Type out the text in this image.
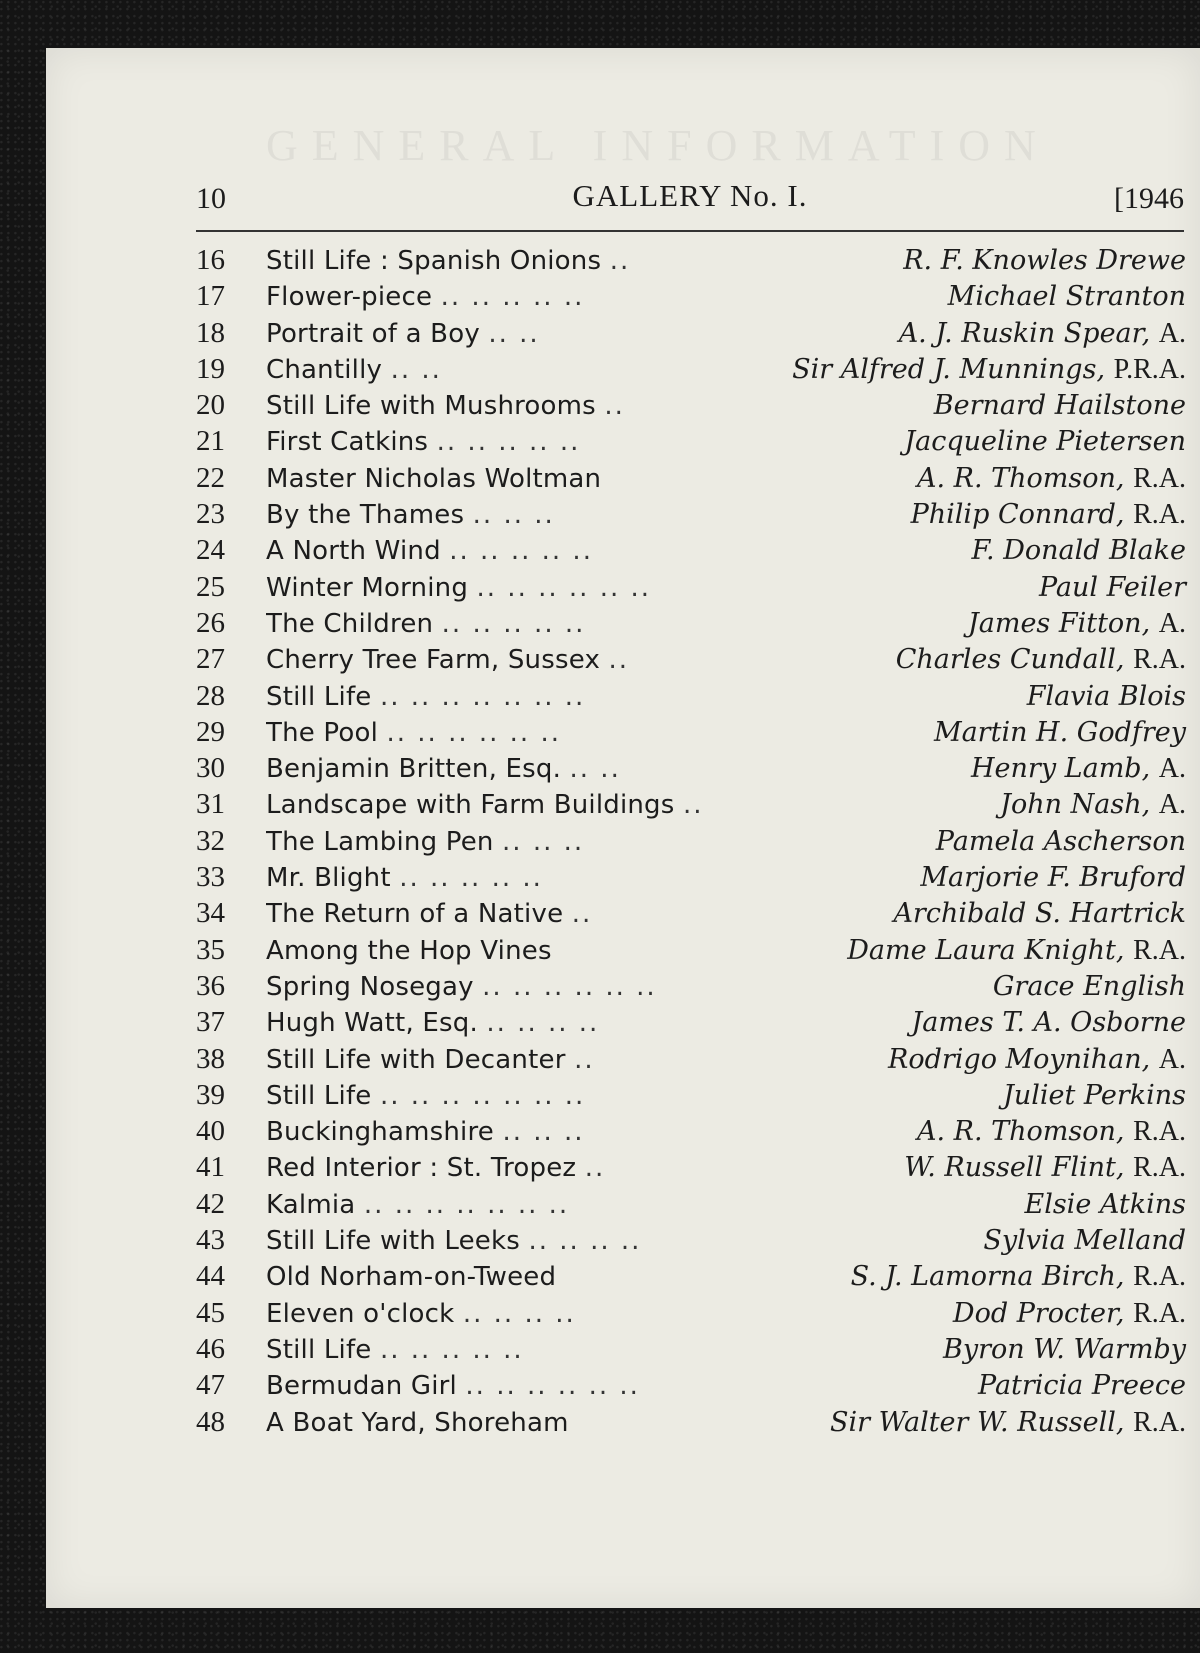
GENERAL INFORMATION
10	GALLERY No. I.	[1946
16	Still Life : Spanish Onions ..	R. F. Knowles Drewe
17	Flower-piece .. .. .. .. ..	Michael Stranton
18	Portrait of a Boy .. ..	A. J. Ruskin Spear, A.
19	Chantilly .. ..	Sir Alfred J. Munnings, P.R.A.
20	Still Life with Mushrooms ..	Bernard Hailstone
21	First Catkins .. .. .. .. ..	Jacqueline Pietersen
22	Master Nicholas Woltman	A. R. Thomson, R.A.
23	By the Thames .. .. ..	Philip Connard, R.A.
24	A North Wind .. .. .. .. ..	F. Donald Blake
25	Winter Morning .. .. .. .. .. ..	Paul Feiler
26	The Children .. .. .. .. ..	James Fitton, A.
27	Cherry Tree Farm, Sussex ..	Charles Cundall, R.A.
28	Still Life .. .. .. .. .. .. ..	Flavia Blois
29	The Pool .. .. .. .. .. ..	Martin H. Godfrey
30	Benjamin Britten, Esq. .. ..	Henry Lamb, A.
31	Landscape with Farm Buildings ..	John Nash, A.
32	The Lambing Pen .. .. ..	Pamela Ascherson
33	Mr. Blight .. .. .. .. ..	Marjorie F. Bruford
34	The Return of a Native ..	Archibald S. Hartrick
35	Among the Hop Vines	Dame Laura Knight, R.A.
36	Spring Nosegay .. .. .. .. .. ..	Grace English
37	Hugh Watt, Esq. .. .. .. ..	James T. A. Osborne
38	Still Life with Decanter ..	Rodrigo Moynihan, A.
39	Still Life .. .. .. .. .. .. ..	Juliet Perkins
40	Buckinghamshire .. .. ..	A. R. Thomson, R.A.
41	Red Interior : St. Tropez ..	W. Russell Flint, R.A.
42	Kalmia .. .. .. .. .. .. ..	Elsie Atkins
43	Still Life with Leeks .. .. .. ..	Sylvia Melland
44	Old Norham-on-Tweed	S. J. Lamorna Birch, R.A.
45	Eleven o'clock .. .. .. ..	Dod Procter, R.A.
46	Still Life .. .. .. .. ..	Byron W. Warmby
47	Bermudan Girl .. .. .. .. .. ..	Patricia Preece
48	A Boat Yard, Shoreham	Sir Walter W. Russell, R.A.
